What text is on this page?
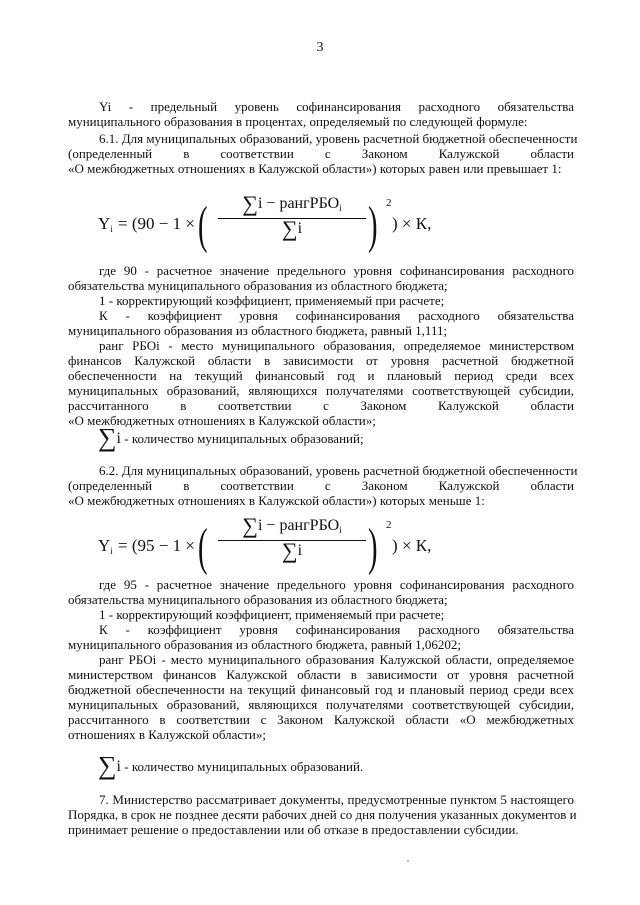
3
Yi - предельный уровень софинансирования расходного обязательства
муниципального образования в процентах, определяемый по следующей формуле:
6.1. Для муниципальных образований, уровень расчетной бюджетной обеспеченности
(определенный в соответствии с Законом Калужской области
«О межбюджетных отношениях в Калужской области») которых равен или превышает 1:
$Y_i = (90 - 1$ × (	∑i − рангРБО$_i$
∑i	) 2
) × К,
где 90 - расчетное значение предельного уровня софинансирования расходного
обязательства муниципального образования из областного бюджета;
1 - корректирующий коэффициент, применяемый при расчете;
К - коэффициент уровня софинансирования расходного обязательства
муниципального образования из областного бюджета, равный 1,111;
ранг РБОi - место муниципального образования, определяемое министерством
финансов Калужской области в зависимости от уровня расчетной бюджетной
обеспеченности на текущий финансовый год и плановый период среди всех
муниципальных образований, являющихся получателями соответствующей субсидии,
рассчитанного в соответствии с Законом Калужской области
«О межбюджетных отношениях в Калужской области»;
∑i - количество муниципальных образований;
6.2. Для муниципальных образований, уровень расчетной бюджетной обеспеченности
(определенный в соответствии с Законом Калужской области
«О межбюджетных отношениях в Калужской области») которых меньше 1:
$Y_i = (95 - 1$ × (	∑i − рангРБО$_i$
∑i	) 2
) × К,
где 95 - расчетное значение предельного уровня софинансирования расходного
обязательства муниципального образования из областного бюджета;
1 - корректирующий коэффициент, применяемый при расчете;
К - коэффициент уровня софинансирования расходного обязательства
муниципального образования из областного бюджета, равный 1,06202;
ранг РБОi - место муниципального образования Калужской области, определяемое
министерством финансов Калужской области в зависимости от уровня расчетной
бюджетной обеспеченности на текущий финансовый год и плановый период среди всех
муниципальных образований, являющихся получателями соответствующей субсидии,
рассчитанного в соответствии с Законом Калужской области «О межбюджетных
отношениях в Калужской области»;
∑i - количество муниципальных образований.
7. Министерство рассматривает документы, предусмотренные пунктом 5 настоящего
Порядка, в срок не позднее десяти рабочих дней со дня получения указанных документов и
принимает решение о предоставлении или об отказе в предоставлении субсидии.
